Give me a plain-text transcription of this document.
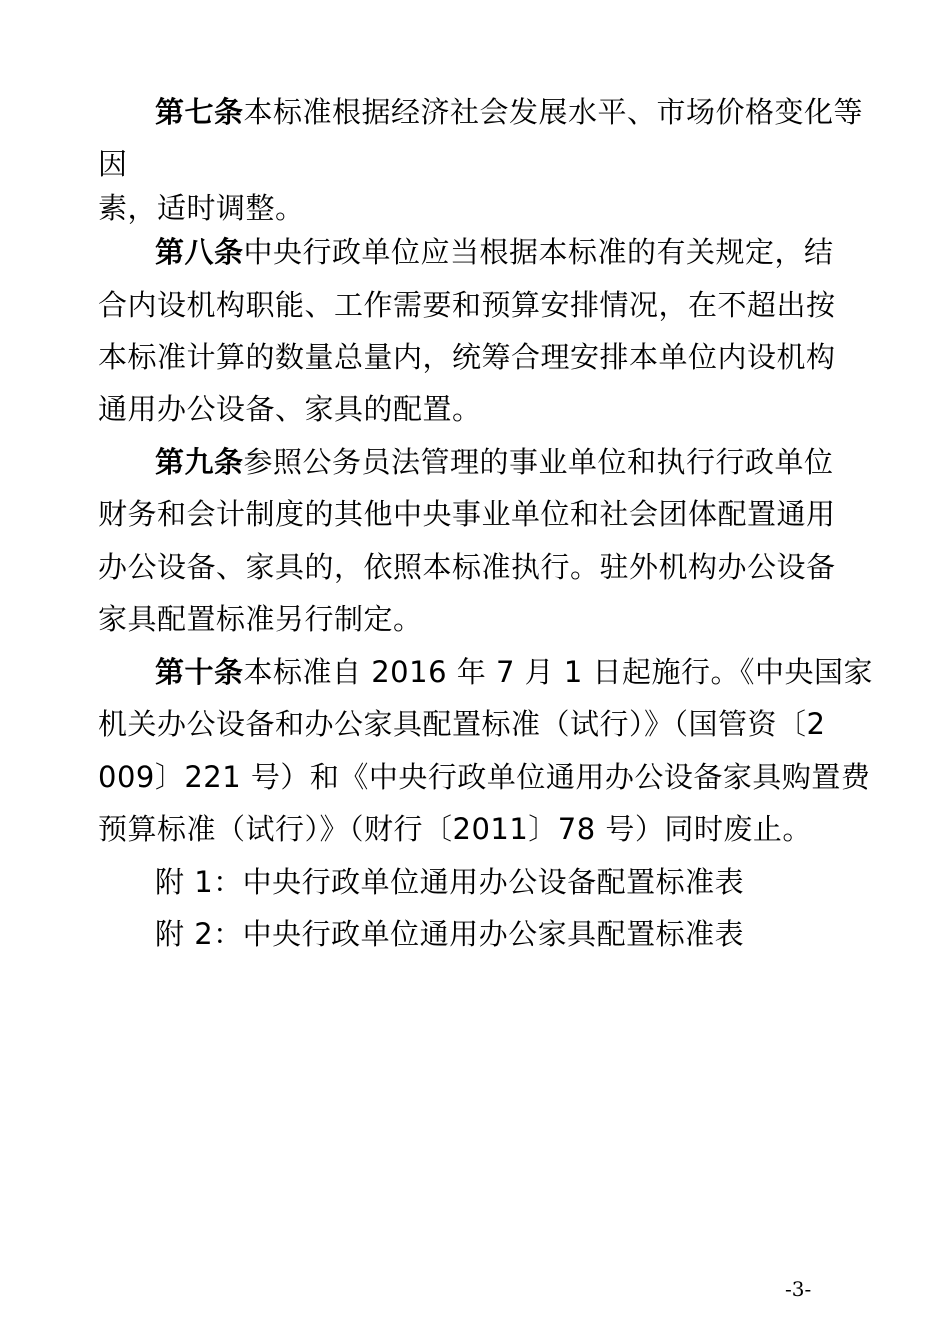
第七条本标准根据经济社会发展水平、市场价格变化等
因
素，适时调整。
第八条中央行政单位应当根据本标准的有关规定，结
合内设机构职能、工作需要和预算安排情况，在不超出按
本标准计算的数量总量内，统筹合理安排本单位内设机构
通用办公设备、家具的配置。
第九条参照公务员法管理的事业单位和执行行政单位
财务和会计制度的其他中央事业单位和社会团体配置通用
办公设备、家具的，依照本标准执行。驻外机构办公设备
家具配置标准另行制定。
第十条本标准自 2016 年 7 月 1 日起施行。《中央国家
机关办公设备和办公家具配置标准（试行）》（国管资〔2
009〕221 号）和《中央行政单位通用办公设备家具购置费
预算标准（试行）》（财行〔2011〕78 号）同时废止。
附 1：中央行政单位通用办公设备配置标准表
附 2：中央行政单位通用办公家具配置标准表
-3-
